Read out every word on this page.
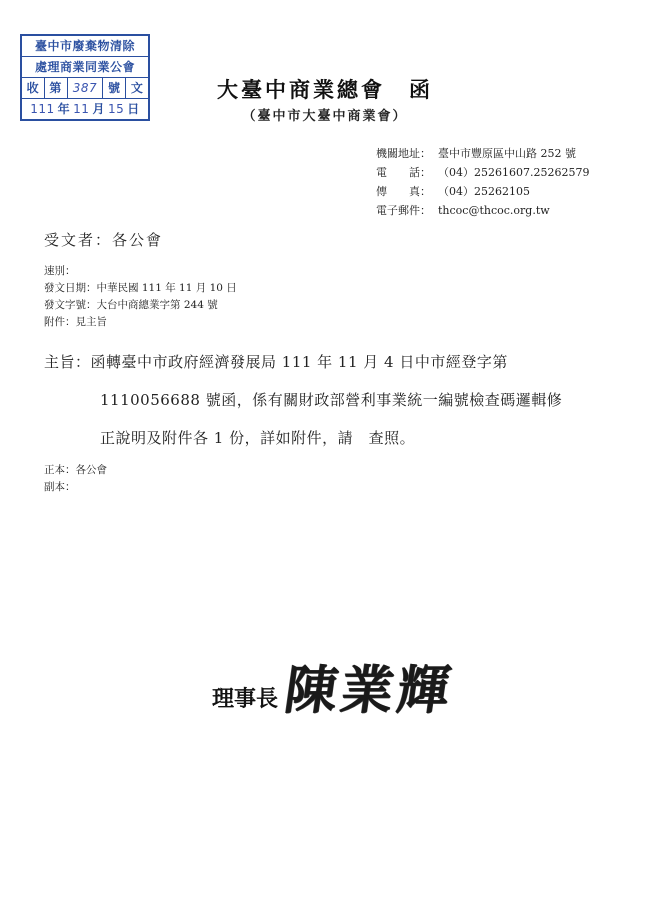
臺中市廢棄物清除
處理商業同業公會
收 第 387 號 文
111 年 11 月 15 日
大臺中商業總會　函
（臺中市大臺中商業會）
機關地址： 臺中市豐原區中山路 252 號
電　　話： （04）25261607.25262579
傳　　真： （04）25262105
電子郵件： thcoc@thcoc.org.tw
受文者：各公會
速別：
發文日期：中華民國 111 年 11 月 10 日
發文字號：大台中商總業字第 244 號
附件：見主旨
主旨：函轉臺中市政府經濟發展局 111 年 11 月 4 日中市經登字第
1110056688 號函，係有關財政部營利事業統一編號檢查碼邏輯修
正說明及附件各 1 份，詳如附件，請　查照。
正本：各公會
副本：
理事長 陳業輝
